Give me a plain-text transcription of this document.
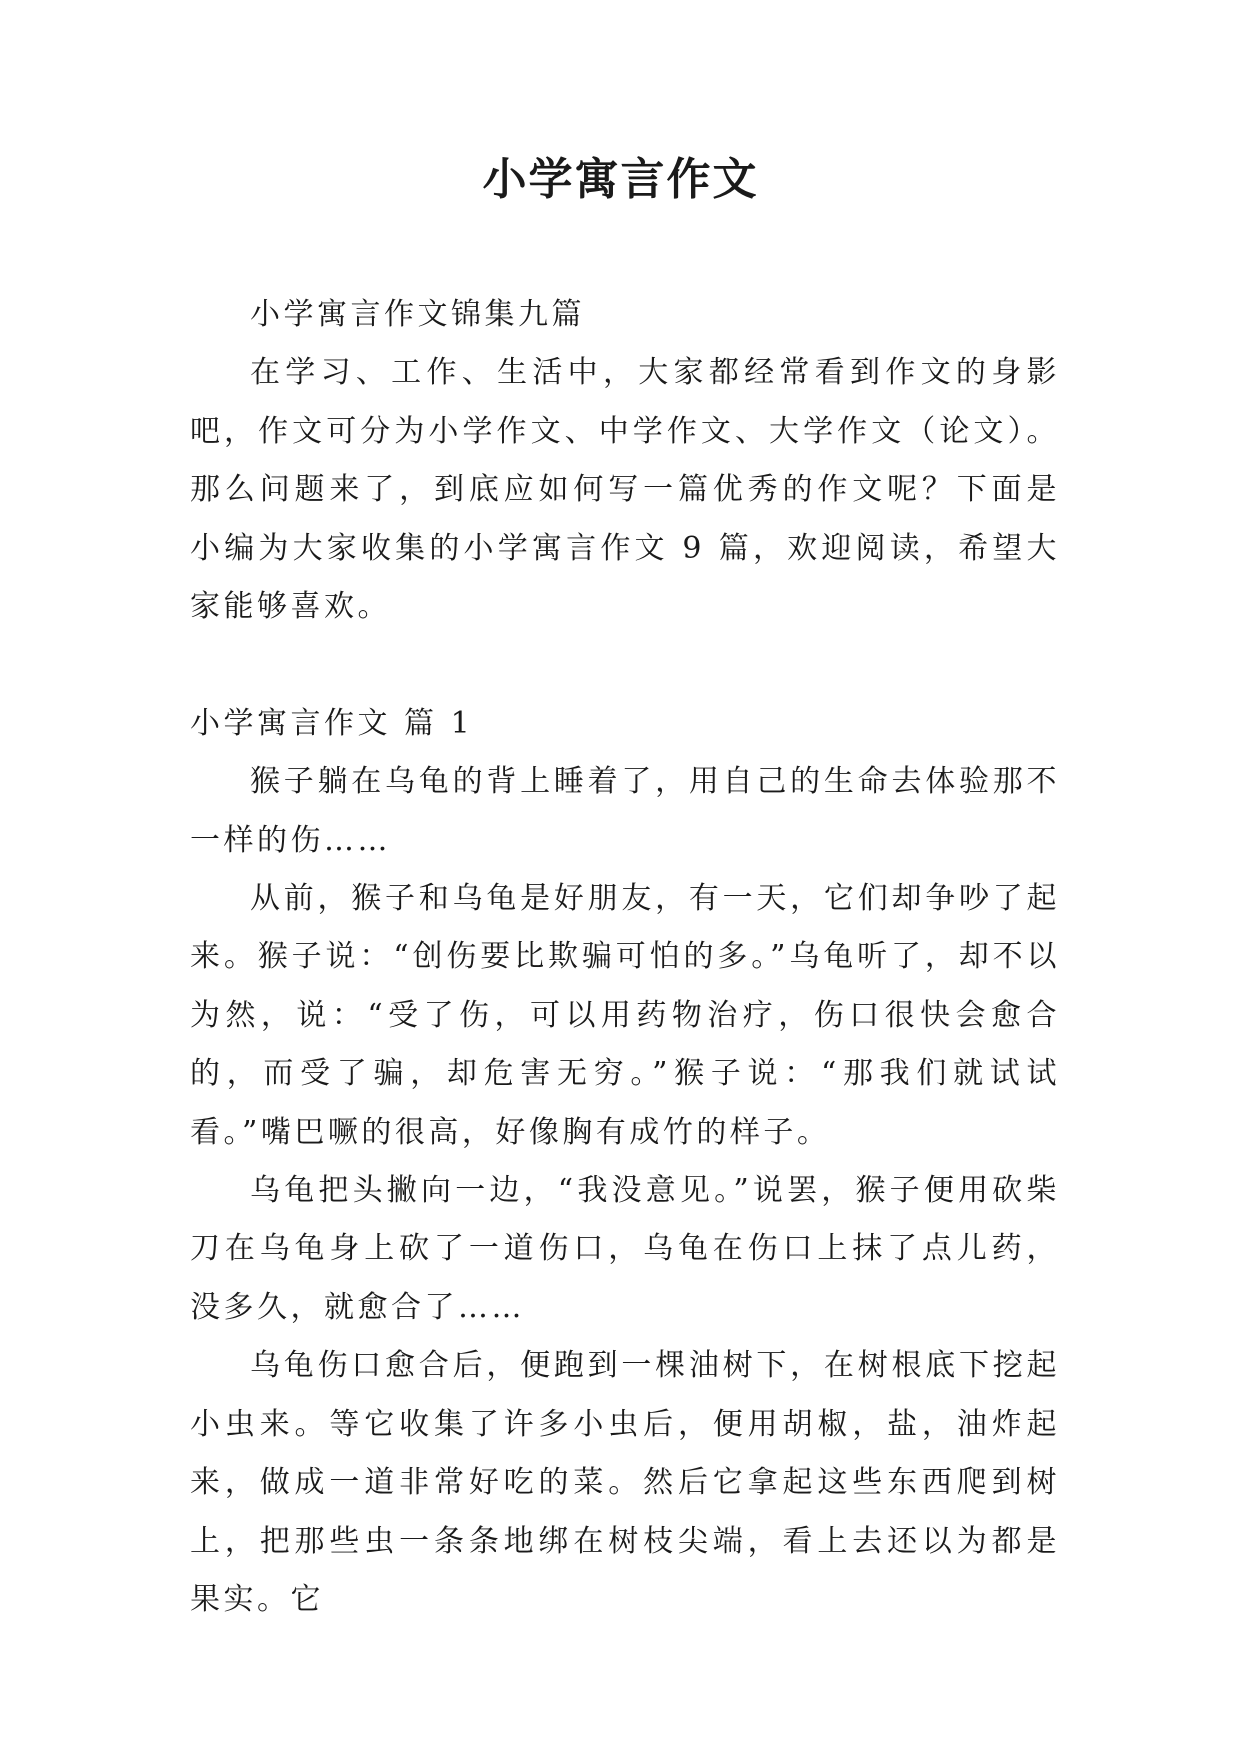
小学寓言作文

小学寓言作文锦集九篇

在学习、工作、生活中，大家都经常看到作文的身影吧，作文可分为小学作文、中学作文、大学作文（论文）。那么问题来了，到底应如何写一篇优秀的作文呢？下面是小编为大家收集的小学寓言作文 9 篇，欢迎阅读，希望大家能够喜欢。

小学寓言作文 篇 1

猴子躺在乌龟的背上睡着了，用自己的生命去体验那不一样的伤……

从前，猴子和乌龟是好朋友，有一天，它们却争吵了起来。猴子说：“创伤要比欺骗可怕的多。”乌龟听了，却不以为然，说：“受了伤，可以用药物治疗，伤口很快会愈合的，而受了骗，却危害无穷。”猴子说：“那我们就试试看。”嘴巴噘的很高，好像胸有成竹的样子。

乌龟把头撇向一边，“我没意见。”说罢，猴子便用砍柴刀在乌龟身上砍了一道伤口，乌龟在伤口上抹了点儿药，没多久，就愈合了……

乌龟伤口愈合后，便跑到一棵油树下，在树根底下挖起小虫来。等它收集了许多小虫后，便用胡椒，盐，油炸起来，做成一道非常好吃的菜。然后它拿起这些东西爬到树上，把那些虫一条条地绑在树枝尖端，看上去还以为都是果实。它
